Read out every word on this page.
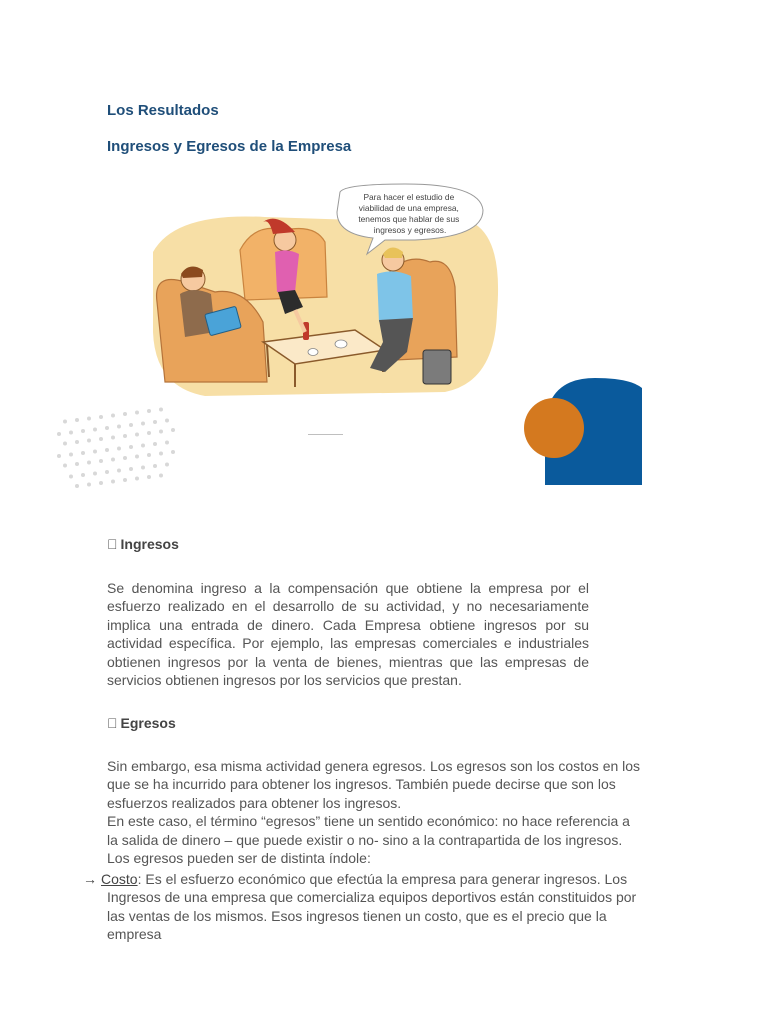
Los Resultados
Ingresos y Egresos de la Empresa
Para hacer el estudio de viabilidad de una empresa, tenemos que hablar de sus ingresos y egresos.
Ingresos

Se denomina ingreso a la compensación que obtiene la empresa por el esfuerzo realizado en el desarrollo de su actividad, y no necesariamente implica una entrada de dinero. Cada Empresa obtiene ingresos por su actividad específica. Por ejemplo, las empresas comerciales e industriales obtienen ingresos por la venta de bienes, mientras que las empresas de servicios obtienen ingresos por los servicios que prestan.

Egresos
Sin embargo, esa misma actividad genera egresos. Los egresos son los costos en los que se ha incurrido para obtener los ingresos. También puede decirse que son los esfuerzos realizados para obtener los ingresos.
En este caso, el término “egresos” tiene un sentido económico: no hace referencia a la salida de dinero – que puede existir o no- sino a la contrapartida de los ingresos.
Los egresos pueden ser de distinta índole:
→ Costo: Es el esfuerzo económico que efectúa la empresa para generar ingresos. Los
Ingresos de una empresa que comercializa equipos deportivos están constituidos por las ventas de los mismos. Esos ingresos tienen un costo, que es el precio que la empresa
